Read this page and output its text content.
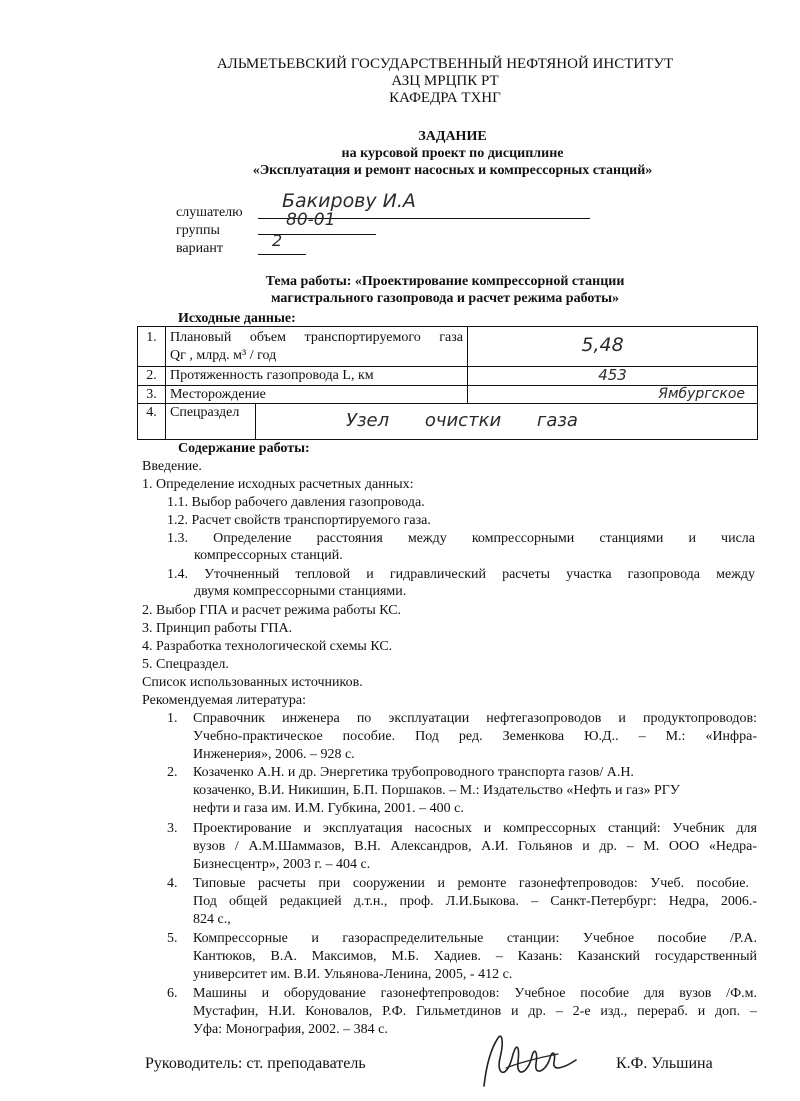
АЛЬМЕТЬЕВСКИЙ ГОСУДАРСТВЕННЫЙ НЕФТЯНОЙ ИНСТИТУТ
АЗЦ МРЦПК РТ
КАФЕДРА ТХНГ
ЗАДАНИЕ
на курсовой проект по дисциплине
«Эксплуатация и ремонт насосных и компрессорных станций»
слушателю
Бакирову И.А
группы
80-01
вариант	2
Тема работы: «Проектирование компрессорной станции
магистрального газопровода и расчет режима работы»
Исходные данные:
1.	Плановый объем транспортируемого газа
Qг , млрд. м³ / год		5,48
2.	Протяженность газопровода L, км		453
3.	Месторождение		Ямбургское
4.	Спецраздел	Узел очистки газа	
Содержание работы:
Введение.
1. Определение исходных расчетных данных:
1.1. Выбор рабочего давления газопровода.
1.2. Расчет свойств транспортируемого газа.
1.3. Определение расстояния между компрессорными станциями и числа
компрессорных станций.
1.4. Уточненный тепловой и гидравлический расчеты участка газопровода между
двумя компрессорными станциями.
2. Выбор ГПА и расчет режима работы КС.
3. Принцип работы ГПА.
4. Разработка технологической схемы КС.
5. Спецраздел.
Список использованных источников.
Рекомендуемая литература:
1. Справочник инженера по эксплуатации нефтегазопроводов и продуктопроводов:
Учебно-практическое пособие. Под ред. Земенкова Ю.Д.. – М.: «Инфра-
Инженерия», 2006. – 928 с.
2. Козаченко А.Н. и др. Энергетика трубопроводного транспорта газов/ А.Н.
козаченко, В.И. Никишин, Б.П. Поршаков. – М.: Издательство «Нефть и газ» РГУ
нефти и газа им. И.М. Губкина, 2001. – 400 с.
3. Проектирование и эксплуатация насосных и компрессорных станций: Учебник для
вузов / А.М.Шаммазов, В.Н. Александров, А.И. Гольянов и др. – М. ООО «Недра-
Бизнесцентр», 2003 г. – 404 с.
4. Типовые расчеты при сооружении и ремонте газонефтепроводов: Учеб. пособие.
Под общей редакцией д.т.н., проф. Л.И.Быкова. – Санкт-Петербург: Недра, 2006.-
824 с.,
5. Компрессорные и газораспределительные станции: Учебное пособие /Р.А.
Кантюков, В.А. Максимов, М.Б. Хадиев. – Казань: Казанский государственный
университет им. В.И. Ульянова-Ленина, 2005, - 412 с.
6. Машины и оборудование газонефтепроводов: Учебное пособие для вузов /Ф.м.
Мустафин, Н.И. Коновалов, Р.Ф. Гильметдинов и др. – 2-е изд., перераб. и доп. –
Уфа: Монография, 2002. – 384 с.
Руководитель: ст. преподаватель	К.Ф. Ульшина
